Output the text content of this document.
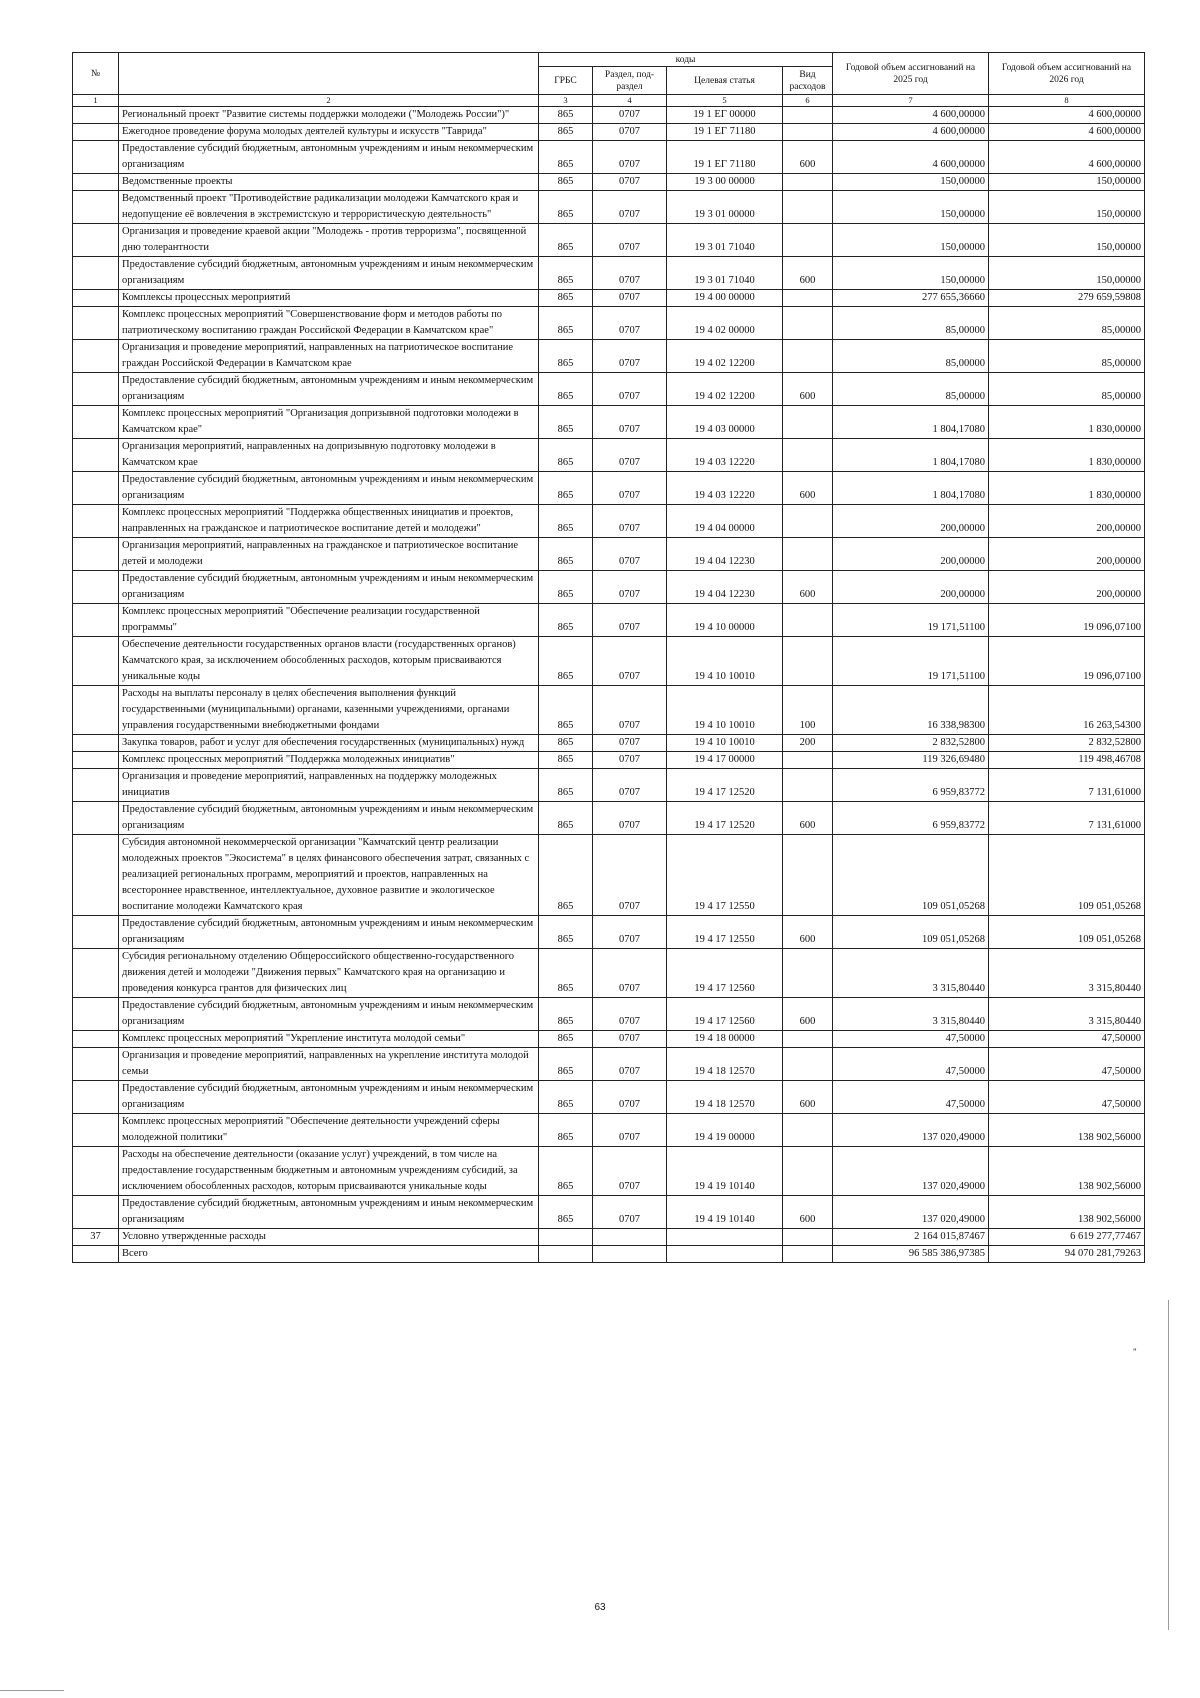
№		коды				Годовой объем ассигнований на 2025 год	Годовой объем ассигнований на 2026 год
		ГРБС	Раздел, под-раздел	Целевая статья	Вид расходов		
1	2	3	4	5	6	7	8
	Региональный проект "Развитие системы поддержки молодежи ("Молодежь России")"	865	0707	19 1 ЕГ 00000		4 600,00000	4 600,00000
	Ежегодное проведение форума молодых деятелей культуры и искусств "Таврида"	865	0707	19 1 ЕГ 71180		4 600,00000	4 600,00000
	Предоставление субсидий бюджетным, автономным учреждениям и иным некоммерческим организациям	865	0707	19 1 ЕГ 71180	600	4 600,00000	4 600,00000
	Ведомственные проекты	865	0707	19 3 00 00000		150,00000	150,00000
	Ведомственный проект "Противодействие радикализации молодежи Камчатского края и недопущение её вовлечения в экстремистскую и террористическую деятельность"	865	0707	19 3 01 00000		150,00000	150,00000
	Организация и проведение краевой акции "Молодежь - против терроризма", посвященной дню толерантности	865	0707	19 3 01 71040		150,00000	150,00000
	Предоставление субсидий бюджетным, автономным учреждениям и иным некоммерческим организациям	865	0707	19 3 01 71040	600	150,00000	150,00000
	Комплексы процессных мероприятий	865	0707	19 4 00 00000		277 655,36660	279 659,59808
	Комплекс процессных мероприятий "Совершенствование форм и методов работы по патриотическому воспитанию граждан Российской Федерации в Камчатском крае"	865	0707	19 4 02 00000		85,00000	85,00000
	Организация и проведение мероприятий, направленных на патриотическое воспитание граждан Российской Федерации в Камчатском крае	865	0707	19 4 02 12200		85,00000	85,00000
	Предоставление субсидий бюджетным, автономным учреждениям и иным некоммерческим организациям	865	0707	19 4 02 12200	600	85,00000	85,00000
	Комплекс процессных мероприятий "Организация допризывной подготовки молодежи в Камчатском крае"	865	0707	19 4 03 00000		1 804,17080	1 830,00000
	Организация мероприятий, направленных на допризывную подготовку молодежи в Камчатском крае	865	0707	19 4 03 12220		1 804,17080	1 830,00000
	Предоставление субсидий бюджетным, автономным учреждениям и иным некоммерческим организациям	865	0707	19 4 03 12220	600	1 804,17080	1 830,00000
	Комплекс процессных мероприятий "Поддержка общественных инициатив и проектов, направленных на гражданское и патриотическое воспитание детей и молодежи"	865	0707	19 4 04 00000		200,00000	200,00000
	Организация мероприятий, направленных на гражданское и патриотическое воспитание детей и молодежи	865	0707	19 4 04 12230		200,00000	200,00000
	Предоставление субсидий бюджетным, автономным учреждениям и иным некоммерческим организациям	865	0707	19 4 04 12230	600	200,00000	200,00000
	Комплекс процессных мероприятий "Обеспечение реализации государственной программы"	865	0707	19 4 10 00000		19 171,51100	19 096,07100
	Обеспечение деятельности государственных органов власти (государственных органов) Камчатского края, за исключением обособленных расходов, которым присваиваются уникальные коды	865	0707	19 4 10 10010		19 171,51100	19 096,07100
	Расходы на выплаты персоналу в целях обеспечения выполнения функций государственными (муниципальными) органами, казенными учреждениями, органами управления государственными внебюджетными фондами	865	0707	19 4 10 10010	100	16 338,98300	16 263,54300
	Закупка товаров, работ и услуг для обеспечения государственных (муниципальных) нужд	865	0707	19 4 10 10010	200	2 832,52800	2 832,52800
	Комплекс процессных мероприятий "Поддержка молодежных инициатив"	865	0707	19 4 17 00000		119 326,69480	119 498,46708
	Организация и проведение мероприятий, направленных на поддержку молодежных инициатив	865	0707	19 4 17 12520		6 959,83772	7 131,61000
	Предоставление субсидий бюджетным, автономным учреждениям и иным некоммерческим организациям	865	0707	19 4 17 12520	600	6 959,83772	7 131,61000
	Субсидия автономной некоммерческой организации "Камчатский центр реализации молодежных проектов "Экосистема" в целях финансового обеспечения затрат, связанных с реализацией региональных программ, мероприятий и проектов, направленных на всестороннее нравственное, интеллектуальное, духовное развитие и экологическое воспитание молодежи Камчатского края	865	0707	19 4 17 12550		109 051,05268	109 051,05268
	Предоставление субсидий бюджетным, автономным учреждениям и иным некоммерческим организациям	865	0707	19 4 17 12550	600	109 051,05268	109 051,05268
	Субсидия региональному отделению Общероссийского общественно-государственного движения детей и молодежи "Движения первых" Камчатского края на организацию и проведения конкурса грантов для физических лиц	865	0707	19 4 17 12560		3 315,80440	3 315,80440
	Предоставление субсидий бюджетным, автономным учреждениям и иным некоммерческим организациям	865	0707	19 4 17 12560	600	3 315,80440	3 315,80440
	Комплекс процессных мероприятий "Укрепление института молодой семьи"	865	0707	19 4 18 00000		47,50000	47,50000
	Организация и проведение мероприятий, направленных на укрепление института молодой семьи	865	0707	19 4 18 12570		47,50000	47,50000
	Предоставление субсидий бюджетным, автономным учреждениям и иным некоммерческим организациям	865	0707	19 4 18 12570	600	47,50000	47,50000
	Комплекс процессных мероприятий "Обеспечение деятельности учреждений сферы молодежной политики"	865	0707	19 4 19 00000		137 020,49000	138 902,56000
	Расходы на обеспечение деятельности (оказание услуг) учреждений, в том числе на предоставление государственным бюджетным и автономным учреждениям субсидий, за исключением обособленных расходов, которым присваиваются уникальные коды	865	0707	19 4 19 10140		137 020,49000	138 902,56000
	Предоставление субсидий бюджетным, автономным учреждениям и иным некоммерческим организациям	865	0707	19 4 19 10140	600	137 020,49000	138 902,56000
37	Условно утвержденные расходы					2 164 015,87467	6 619 277,77467
	Всего					96 585 386,97385	94 070 281,79263
"
63
